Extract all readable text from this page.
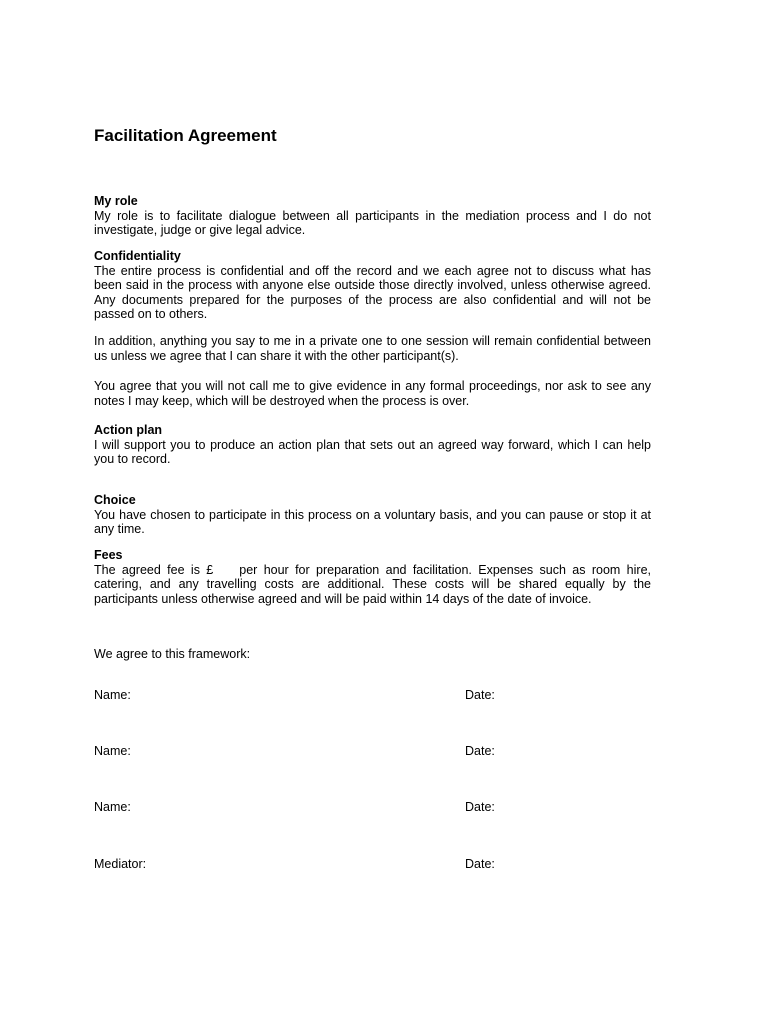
Facilitation Agreement
My role

My role is to facilitate dialogue between all participants in the mediation process and I do not investigate, judge or give legal advice.

Confidentiality

The entire process is confidential and off the record and we each agree not to discuss what has been said in the process with anyone else outside those directly involved, unless otherwise agreed. Any documents prepared for the purposes of the process are also confidential and will not be passed on to others.

In addition, anything you say to me in a private one to one session will remain confidential between us unless we agree that I can share it with the other participant(s).

You agree that you will not call me to give evidence in any formal proceedings, nor ask to see any notes I may keep, which will be destroyed when the process is over.

Action plan

I will support you to produce an action plan that sets out an agreed way forward, which I can help you to record.

Choice

You have chosen to participate in this process on a voluntary basis, and you can pause or stop it at any time.

Fees

The agreed fee is £ per hour for preparation and facilitation. Expenses such as room hire, catering, and any travelling costs are additional. These costs will be shared equally by the participants unless otherwise agreed and will be paid within 14 days of the date of invoice.

We agree to this framework:
Name:	Date:
Name:	Date:
Name:	Date:
Mediator:	Date:
